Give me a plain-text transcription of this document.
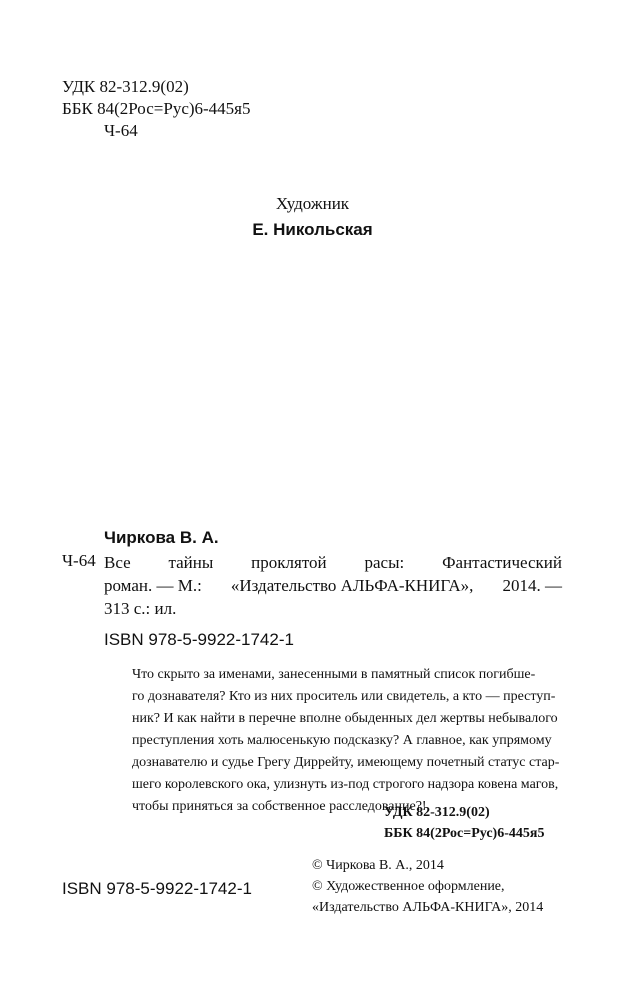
УДК 82-312.9(02)
ББК 84(2Рос=Рус)6-445я5
Ч-64
Художник
Е. Никольская
Чиркова В. А.
Ч-64 Все тайны проклятой расы: Фантастический
роман. — М.: «Издательство АЛЬФА-КНИГА», 2014. —
313 с.: ил.
ISBN 978-5-9922-1742-1
Что скрыто за именами, занесенными в памятный список погибше-
го дознавателя? Кто из них проситель или свидетель, а кто — преступ-
ник? И как найти в перечне вполне обыденных дел жертвы небывалого
преступления хоть малюсенькую подсказку? А главное, как упрямому
дознавателю и судье Грегу Диррейту, имеющему почетный статус стар-
шего королевского ока, улизнуть из-под строгого надзора ковена магов,
чтобы приняться за собственное расследование?!
УДК 82-312.9(02)
ББК 84(2Рос=Рус)6-445я5
© Чиркова В. А., 2014
© Художественное оформление,
«Издательство АЛЬФА-КНИГА», 2014
ISBN 978-5-9922-1742-1
